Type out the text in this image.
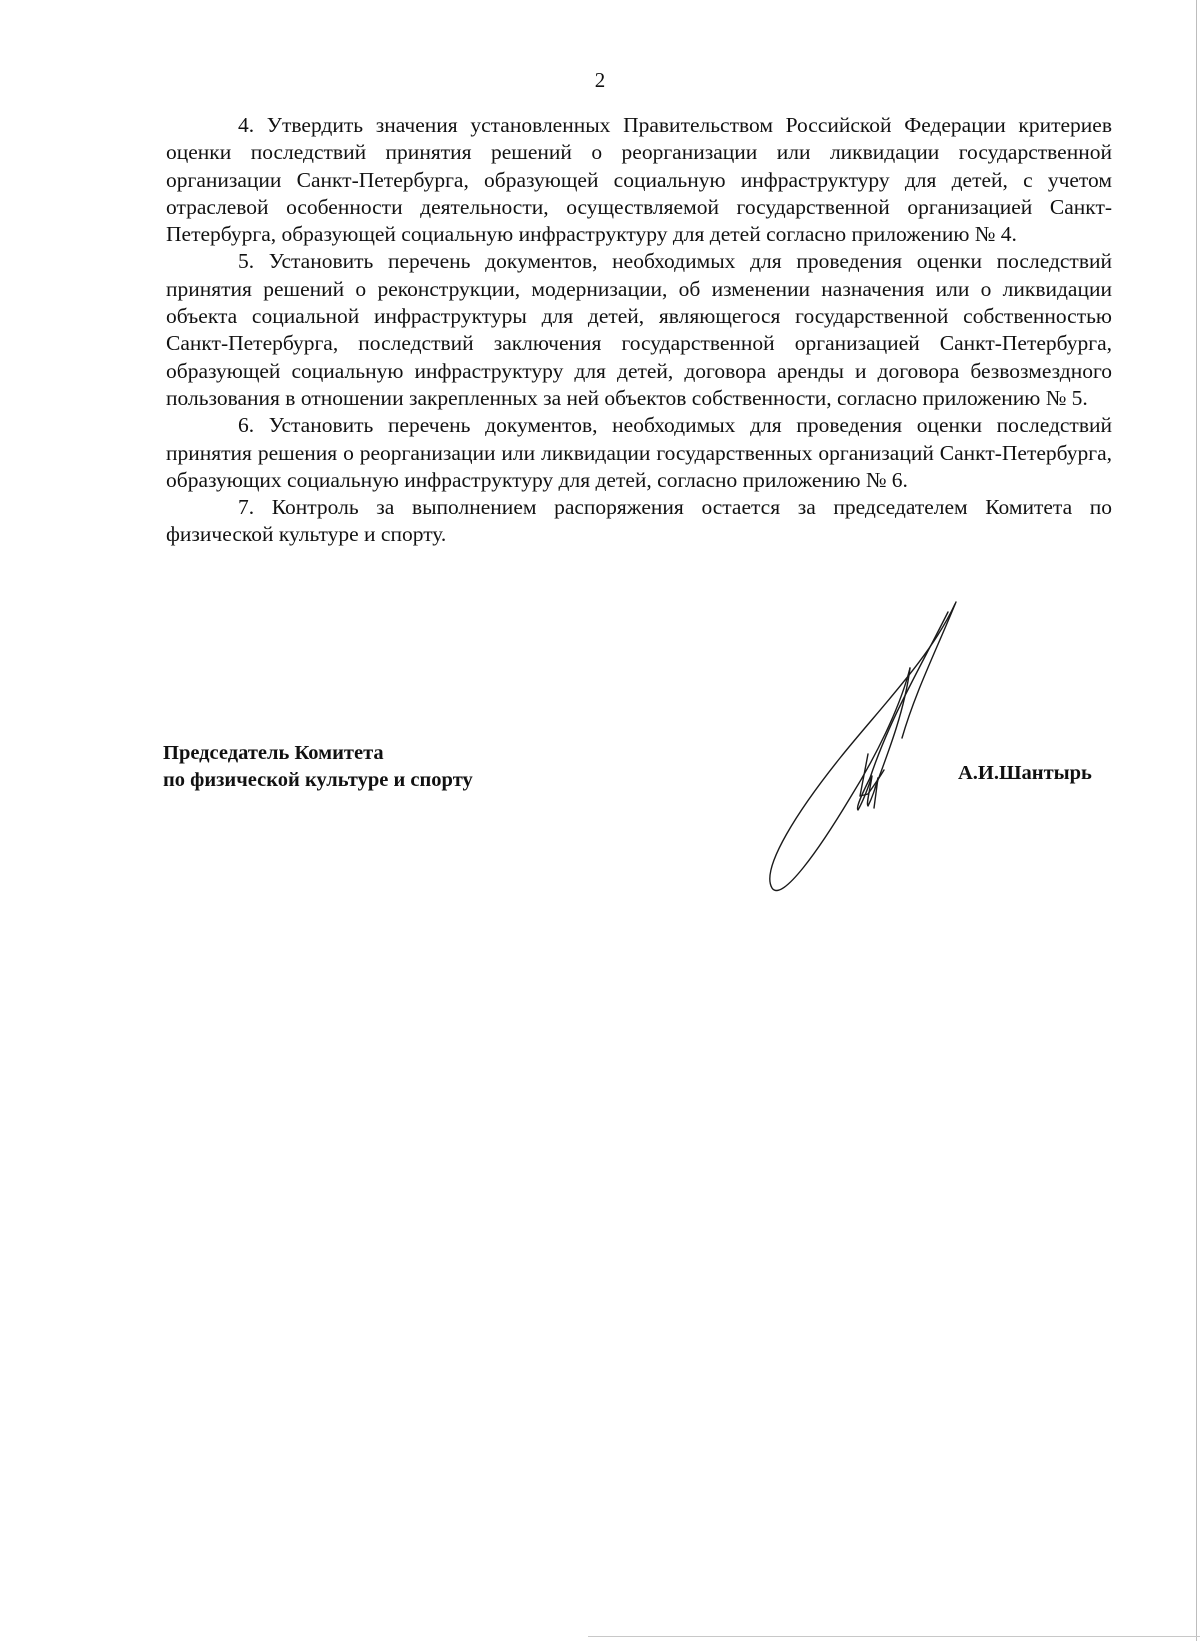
2

4. Утвердить значения установленных Правительством Российской Федерации критериев оценки последствий принятия решений о реорганизации или ликвидации государственной организации Санкт-Петербурга, образующей социальную инфраструктуру для детей, с учетом отраслевой особенности деятельности, осуществляемой государственной организацией Санкт-Петербурга, образующей социальную инфраструктуру для детей согласно приложению № 4.

5. Установить перечень документов, необходимых для проведения оценки последствий принятия решений о реконструкции, модернизации, об изменении назначения или о ликвидации объекта социальной инфраструктуры для детей, являющегося государственной собственностью Санкт-Петербурга, последствий заключения государственной организацией Санкт-Петербурга, образующей социальную инфраструктуру для детей, договора аренды и договора безвозмездного пользования в отношении закрепленных за ней объектов собственности, согласно приложению № 5.

6. Установить перечень документов, необходимых для проведения оценки последствий принятия решения о реорганизации или ликвидации государственных организаций Санкт-Петербурга, образующих социальную инфраструктуру для детей, согласно приложению № 6.

7. Контроль за выполнением распоряжения остается за председателем Комитета по физической культуре и спорту.

Председатель Комитета
по физической культуре и спорту	А.И.Шантырь
